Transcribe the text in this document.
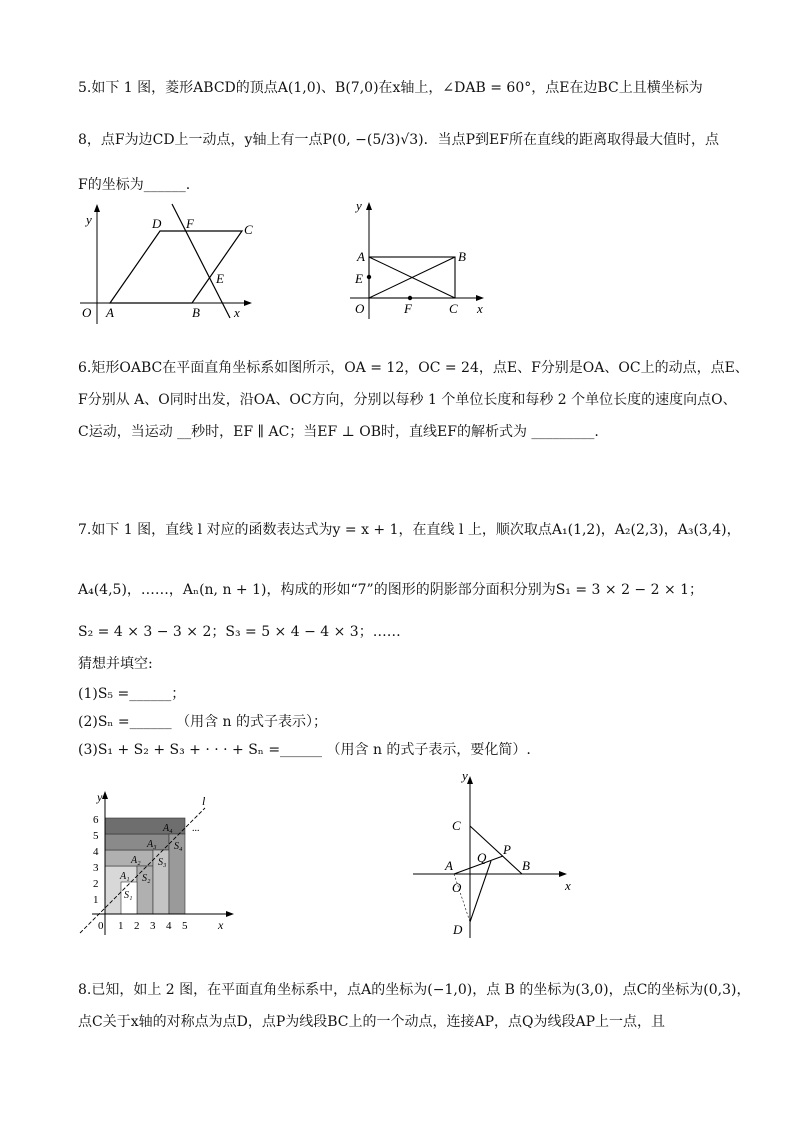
5.如下 1 图，菱形ABCD的顶点A(1,0)、B(7,0)在x轴上，∠DAB = 60°，点E在边BC上且横坐标为
8，点F为边CD上一动点，y轴上有一点P(0, −(5/3)√3)．当点P到EF所在直线的距离取得最大值时，点
F的坐标为______.
y	D F	C
E
O A	B	x
y
A	B
E
O	F	C x
6.矩形OABC在平面直角坐标系如图所示，OA = 12，OC = 24，点E、F分别是OA、OC上的动点，点E、
F分别从 A、O同时出发，沿OA、OC方向，分别以每秒 1 个单位长度和每秒 2 个单位长度的速度向点O、
C运动，当运动 __秒时，EF ∥ AC；当EF ⊥ OB时，直线EF的解析式为 _________.
7.如下 1 图，直线 l 对应的函数表达式为y = x + 1，在直线 l 上，顺次取点A₁(1,2)，A₂(2,3)，A₃(3,4)，
A₄(4,5)，……，Aₙ(n, n + 1)，构成的形如“7”的图形的阴影部分面积分别为S₁ = 3 × 2 − 2 × 1；
S₂ = 4 × 3 − 3 × 2；S₃ = 5 × 4 − 4 × 3；……
猜想并填空:
(1)S₅ =______；
(2)Sₙ =______ （用含 n 的式子表示）；
(3)S₁ + S₂ + S₃ + · · · + Sₙ =______ （用含 n 的式子表示，要化简）.
6
5
4
3
2
1
0 1 2 3 4 5
y
x
l
...
A₁
A₂
A₃
A₄
S₁
S₂
S₃
S₄
y
C
P
Q
A	B
O	x
D
8.已知，如上 2 图，在平面直角坐标系中，点A的坐标为(−1,0)，点 B 的坐标为(3,0)，点C的坐标为(0,3)，
点C关于x轴的对称点为点D，点P为线段BC上的一个动点，连接AP，点Q为线段AP上一点，且
